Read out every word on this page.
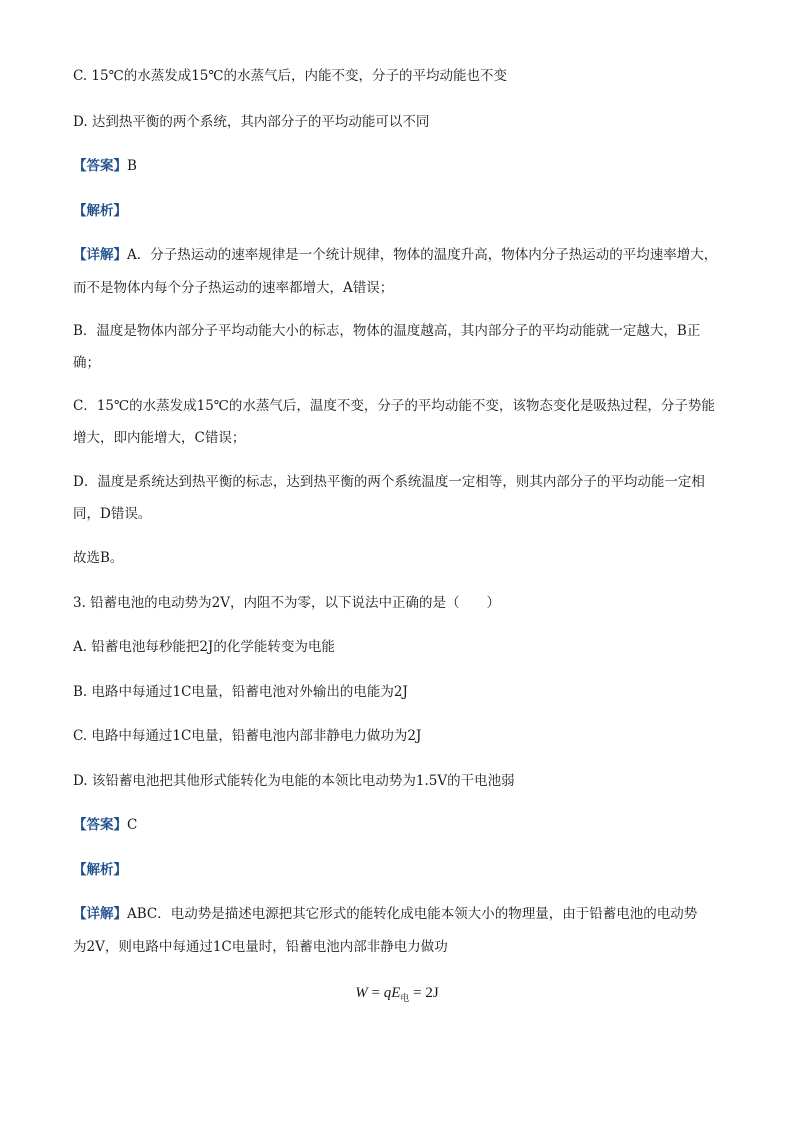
C. 15℃的水蒸发成15℃的水蒸气后，内能不变，分子的平均动能也不变
D. 达到热平衡的两个系统，其内部分子的平均动能可以不同
【答案】B
【解析】
【详解】A．分子热运动的速率规律是一个统计规律，物体的温度升高，物体内分子热运动的平均速率增大，
而不是物体内每个分子热运动的速率都增大，A错误；
B．温度是物体内部分子平均动能大小的标志，物体的温度越高，其内部分子的平均动能就一定越大，B正
确；
C．15℃的水蒸发成15℃的水蒸气后，温度不变，分子的平均动能不变，该物态变化是吸热过程，分子势能
增大，即内能增大，C错误；
D．温度是系统达到热平衡的标志，达到热平衡的两个系统温度一定相等，则其内部分子的平均动能一定相
同，D错误。
故选B。
3. 铅蓄电池的电动势为2V，内阻不为零，以下说法中正确的是（　　）
A. 铅蓄电池每秒能把2J的化学能转变为电能
B. 电路中每通过1C电量，铅蓄电池对外输出的电能为2J
C. 电路中每通过1C电量，铅蓄电池内部非静电力做功为2J
D. 该铅蓄电池把其他形式能转化为电能的本领比电动势为1.5V的干电池弱
【答案】C
【解析】
【详解】ABC．电动势是描述电源把其它形式的能转化成电能本领大小的物理量，由于铅蓄电池的电动势
为2V，则电路中每通过1C电量时，铅蓄电池内部非静电力做功
$W = qE_电 = 2J$
